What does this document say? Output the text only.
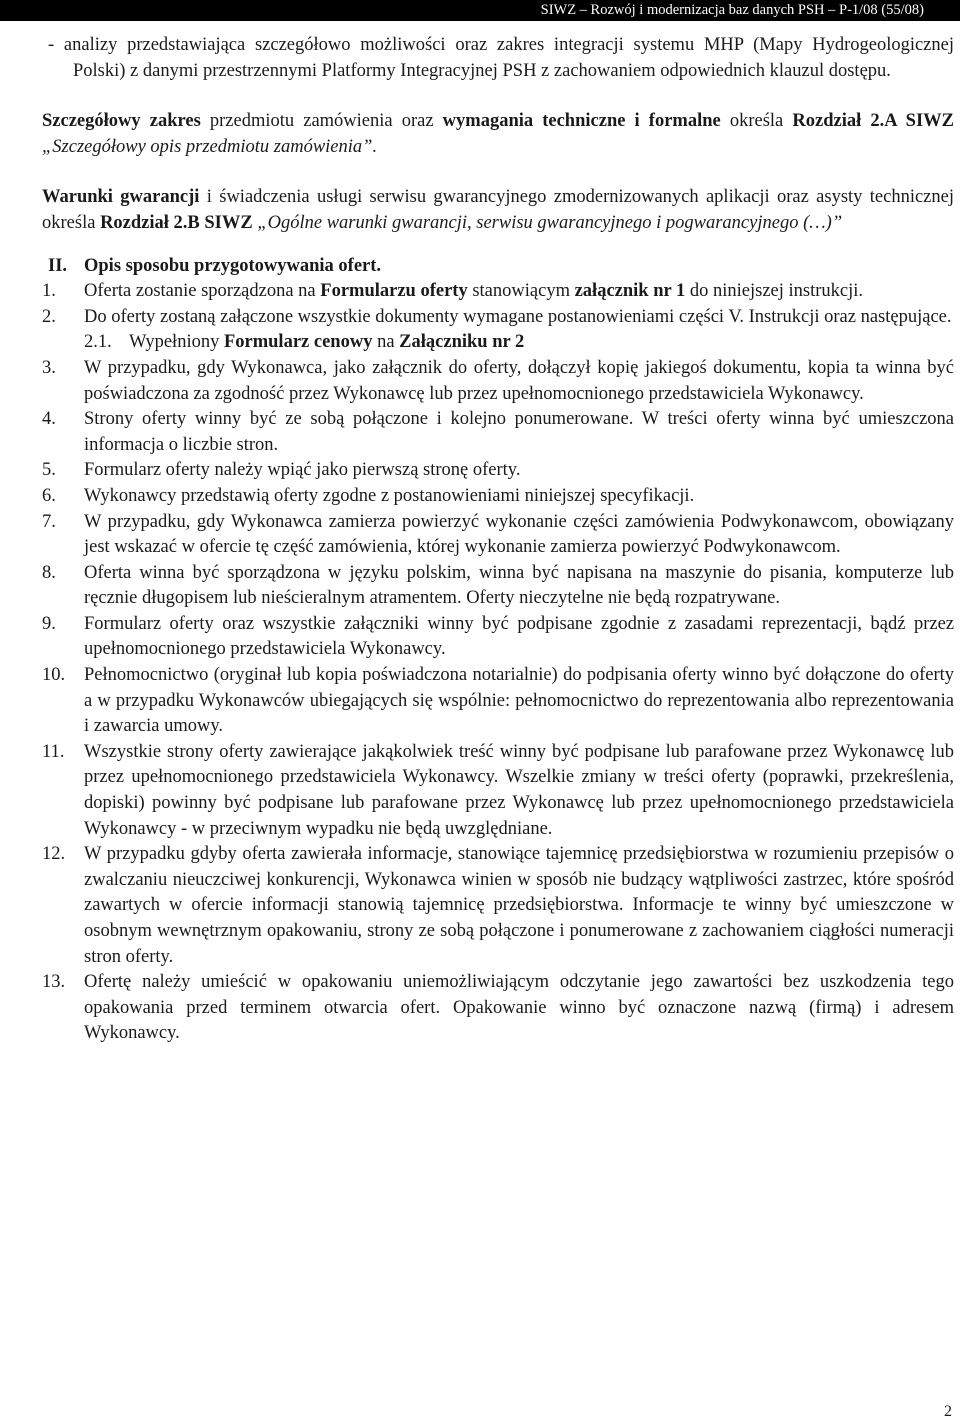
SIWZ – Rozwój i modernizacja baz danych PSH – P-1/08 (55/08)

- analizy przedstawiająca szczegółowo możliwości oraz zakres integracji systemu MHP (Mapy Hydrogeologicznej Polski) z danymi przestrzennymi Platformy Integracyjnej PSH z zachowaniem odpowiednich klauzul dostępu.

Szczegółowy zakres przedmiotu zamówienia oraz wymagania techniczne i formalne określa Rozdział 2.A SIWZ „Szczegółowy opis przedmiotu zamówienia”.

Warunki gwarancji i świadczenia usługi serwisu gwarancyjnego zmodernizowanych aplikacji oraz asysty technicznej określa Rozdział 2.B SIWZ „Ogólne warunki gwarancji, serwisu gwarancyjnego i pogwarancyjnego (…)”

II. Opis sposobu przygotowywania ofert.
1.	Oferta zostanie sporządzona na Formularzu oferty stanowiącym załącznik nr 1 do niniejszej instrukcji.
2.	Do oferty zostaną załączone wszystkie dokumenty wymagane postanowieniami części V. Instrukcji oraz następujące.
2.1. Wypełniony Formularz cenowy na Załączniku nr 2
3.	W przypadku, gdy Wykonawca, jako załącznik do oferty, dołączył kopię jakiegoś dokumentu, kopia ta winna być poświadczona za zgodność przez Wykonawcę lub przez upełnomocnionego przedstawiciela Wykonawcy.
4.	Strony oferty winny być ze sobą połączone i kolejno ponumerowane. W treści oferty winna być umieszczona informacja o liczbie stron.
5.	Formularz oferty należy wpiąć jako pierwszą stronę oferty.
6.	Wykonawcy przedstawią oferty zgodne z postanowieniami niniejszej specyfikacji.
7.	W przypadku, gdy Wykonawca zamierza powierzyć wykonanie części zamówienia Podwykonawcom, obowiązany jest wskazać w ofercie tę część zamówienia, której wykonanie zamierza powierzyć Podwykonawcom.
8.	Oferta winna być sporządzona w języku polskim, winna być napisana na maszynie do pisania, komputerze lub ręcznie długopisem lub nieścieralnym atramentem. Oferty nieczytelne nie będą rozpatrywane.
9.	Formularz oferty oraz wszystkie załączniki winny być podpisane zgodnie z zasadami reprezentacji, bądź przez upełnomocnionego przedstawiciela Wykonawcy.
10.	Pełnomocnictwo (oryginał lub kopia poświadczona notarialnie) do podpisania oferty winno być dołączone do oferty a w przypadku Wykonawców ubiegających się wspólnie: pełnomocnictwo do reprezentowania albo reprezentowania i zawarcia umowy.
11.	Wszystkie strony oferty zawierające jakąkolwiek treść winny być podpisane lub parafowane przez Wykonawcę lub przez upełnomocnionego przedstawiciela Wykonawcy. Wszelkie zmiany w treści oferty (poprawki, przekreślenia, dopiski) powinny być podpisane lub parafowane przez Wykonawcę lub przez upełnomocnionego przedstawiciela Wykonawcy - w przeciwnym wypadku nie będą uwzględniane.
12.	W przypadku gdyby oferta zawierała informacje, stanowiące tajemnicę przedsiębiorstwa w rozumieniu przepisów o zwalczaniu nieuczciwej konkurencji, Wykonawca winien w sposób nie budzący wątpliwości zastrzec, które spośród zawartych w ofercie informacji stanowią tajemnicę przedsiębiorstwa. Informacje te winny być umieszczone w osobnym wewnętrznym opakowaniu, strony ze sobą połączone i ponumerowane z zachowaniem ciągłości numeracji stron oferty.
13.	Ofertę należy umieścić w opakowaniu uniemożliwiającym odczytanie jego zawartości bez uszkodzenia tego opakowania przed terminem otwarcia ofert. Opakowanie winno być oznaczone nazwą (firmą) i adresem Wykonawcy.
2
